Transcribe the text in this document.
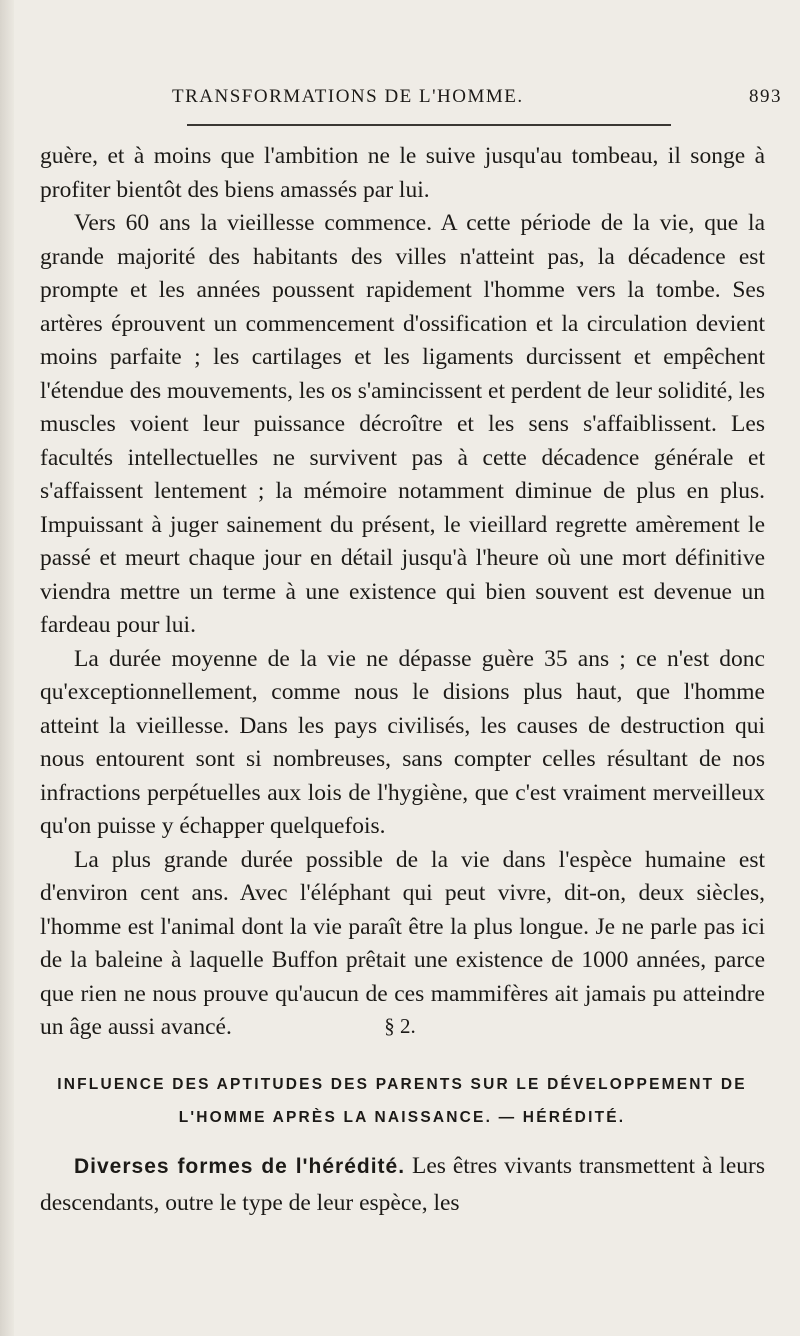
TRANSFORMATIONS DE L'HOMME.	893

guère, et à moins que l'ambition ne le suive jusqu'au tombeau, il songe à profiter bientôt des biens amassés par lui.

Vers 60 ans la vieillesse commence. A cette période de la vie, que la grande majorité des habitants des villes n'atteint pas, la décadence est prompte et les années poussent rapidement l'homme vers la tombe. Ses artères éprouvent un commencement d'ossification et la circulation devient moins parfaite ; les cartilages et les ligaments durcissent et empêchent l'étendue des mouvements, les os s'amincissent et perdent de leur solidité, les muscles voient leur puissance décroître et les sens s'affaiblissent. Les facultés intellectuelles ne survivent pas à cette décadence générale et s'affaissent lentement ; la mémoire notamment diminue de plus en plus. Impuissant à juger sainement du présent, le vieillard regrette amèrement le passé et meurt chaque jour en détail jusqu'à l'heure où une mort définitive viendra mettre un terme à une existence qui bien souvent est devenue un fardeau pour lui.

La durée moyenne de la vie ne dépasse guère 35 ans ; ce n'est donc qu'exceptionnellement, comme nous le disions plus haut, que l'homme atteint la vieillesse. Dans les pays civilisés, les causes de destruction qui nous entourent sont si nombreuses, sans compter celles résultant de nos infractions perpétuelles aux lois de l'hygiène, que c'est vraiment merveilleux qu'on puisse y échapper quelquefois.

La plus grande durée possible de la vie dans l'espèce humaine est d'environ cent ans. Avec l'éléphant qui peut vivre, dit-on, deux siècles, l'homme est l'animal dont la vie paraît être la plus longue. Je ne parle pas ici de la baleine à laquelle Buffon prêtait une existence de 1000 années, parce que rien ne nous prouve qu'aucun de ces mammifères ait jamais pu atteindre un âge aussi avancé.	§ 2.
INFLUENCE DES APTITUDES DES PARENTS SUR LE DÉVELOPPEMENT DE
L'HOMME APRÈS LA NAISSANCE. — HÉRÉDITÉ.

Diverses formes de l'hérédité. Les êtres vivants transmettent à leurs descendants, outre le type de leur espèce, les
